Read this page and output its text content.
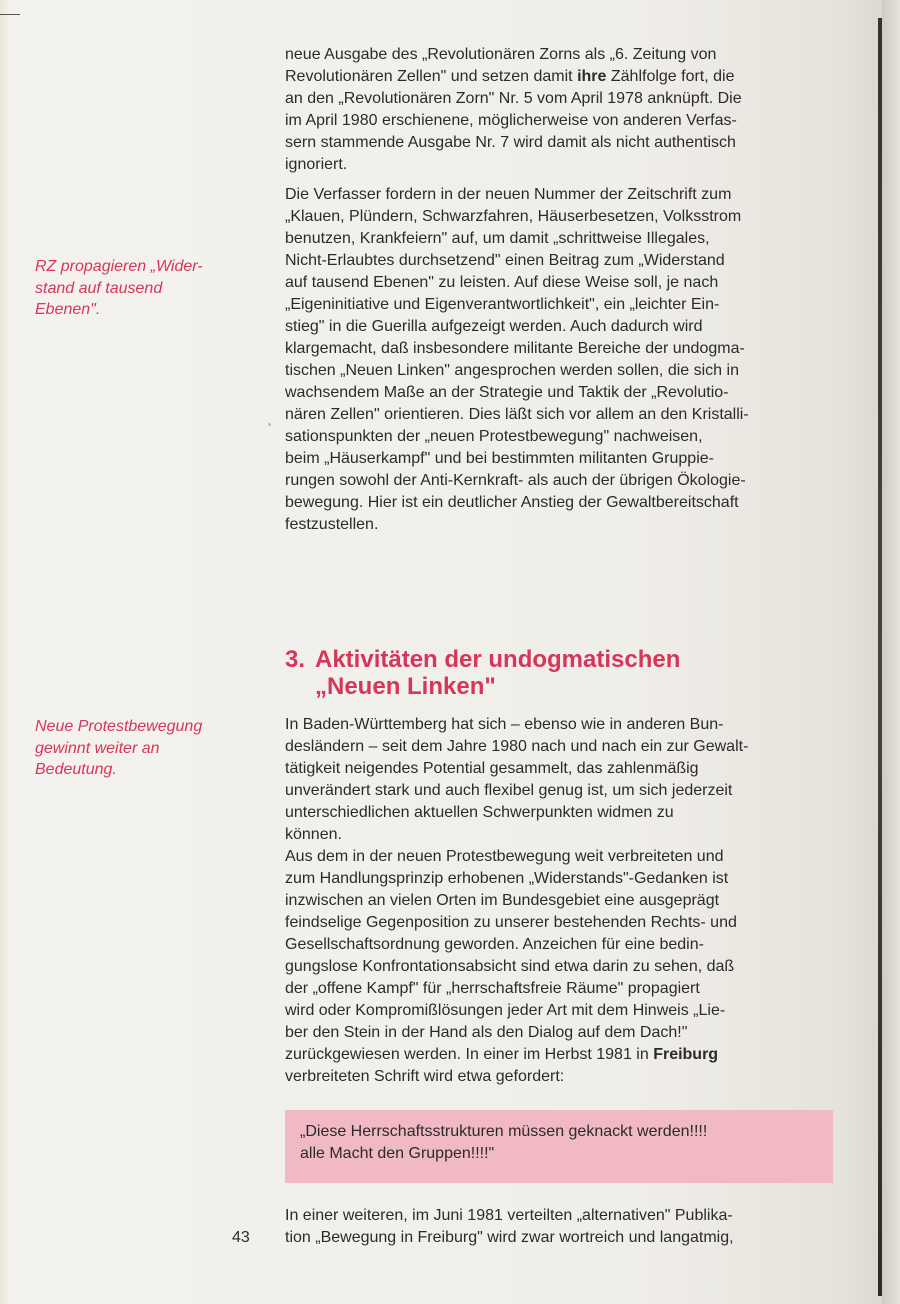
RZ propagieren „Wider-
stand auf tausend
Ebenen".
Neue Protestbewegung
gewinnt weiter an
Bedeutung.

neue Ausgabe des „Revolutionären Zorns als „6. Zeitung von

Revolutionären Zellen" und setzen damit ihre Zählfolge fort, die

an den „Revolutionären Zorn" Nr. 5 vom April 1978 anknüpft. Die

im April 1980 erschienene, möglicherweise von anderen Verfas-

sern stammende Ausgabe Nr. 7 wird damit als nicht authentisch

ignoriert.

Die Verfasser fordern in der neuen Nummer der Zeitschrift zum

„Klauen, Plündern, Schwarzfahren, Häuserbesetzen, Volksstrom

benutzen, Krankfeiern" auf, um damit „schrittweise Illegales,

Nicht-Erlaubtes durchsetzend" einen Beitrag zum „Widerstand

auf tausend Ebenen" zu leisten. Auf diese Weise soll, je nach

„Eigeninitiative und Eigenverantwortlichkeit", ein „leichter Ein-

stieg" in die Guerilla aufgezeigt werden. Auch dadurch wird

klargemacht, daß insbesondere militante Bereiche der undogma-

tischen „Neuen Linken" angesprochen werden sollen, die sich in

wachsendem Maße an der Strategie und Taktik der „Revolutio-

nären Zellen" orientieren. Dies läßt sich vor allem an den Kristalli-

sationspunkten der „neuen Protestbewegung" nachweisen,

beim „Häuserkampf" und bei bestimmten militanten Gruppie-

rungen sowohl der Anti-Kernkraft- als auch der übrigen Ökologie-

bewegung. Hier ist ein deutlicher Anstieg der Gewaltbereitschaft

festzustellen.

3. Aktivitäten der undogmatischen
„Neuen Linken"

In Baden-Württemberg hat sich – ebenso wie in anderen Bun-

desländern – seit dem Jahre 1980 nach und nach ein zur Gewalt-

tätigkeit neigendes Potential gesammelt, das zahlenmäßig

unverändert stark und auch flexibel genug ist, um sich jederzeit

unterschiedlichen aktuellen Schwerpunkten widmen zu

können.

Aus dem in der neuen Protestbewegung weit verbreiteten und

zum Handlungsprinzip erhobenen „Widerstands"-Gedanken ist

inzwischen an vielen Orten im Bundesgebiet eine ausgeprägt

feindselige Gegenposition zu unserer bestehenden Rechts- und

Gesellschaftsordnung geworden. Anzeichen für eine bedin-

gungslose Konfrontationsabsicht sind etwa darin zu sehen, daß

der „offene Kampf" für „herrschaftsfreie Räume" propagiert

wird oder Kompromißlösungen jeder Art mit dem Hinweis „Lie-

ber den Stein in der Hand als den Dialog auf dem Dach!"

zurückgewiesen werden. In einer im Herbst 1981 in Freiburg

verbreiteten Schrift wird etwa gefordert:

„Diese Herrschaftsstrukturen müssen geknackt werden!!!!
alle Macht den Gruppen!!!!"

In einer weiteren, im Juni 1981 verteilten „alternativen" Publika-

tion „Bewegung in Freiburg" wird zwar wortreich und langatmig,

43
